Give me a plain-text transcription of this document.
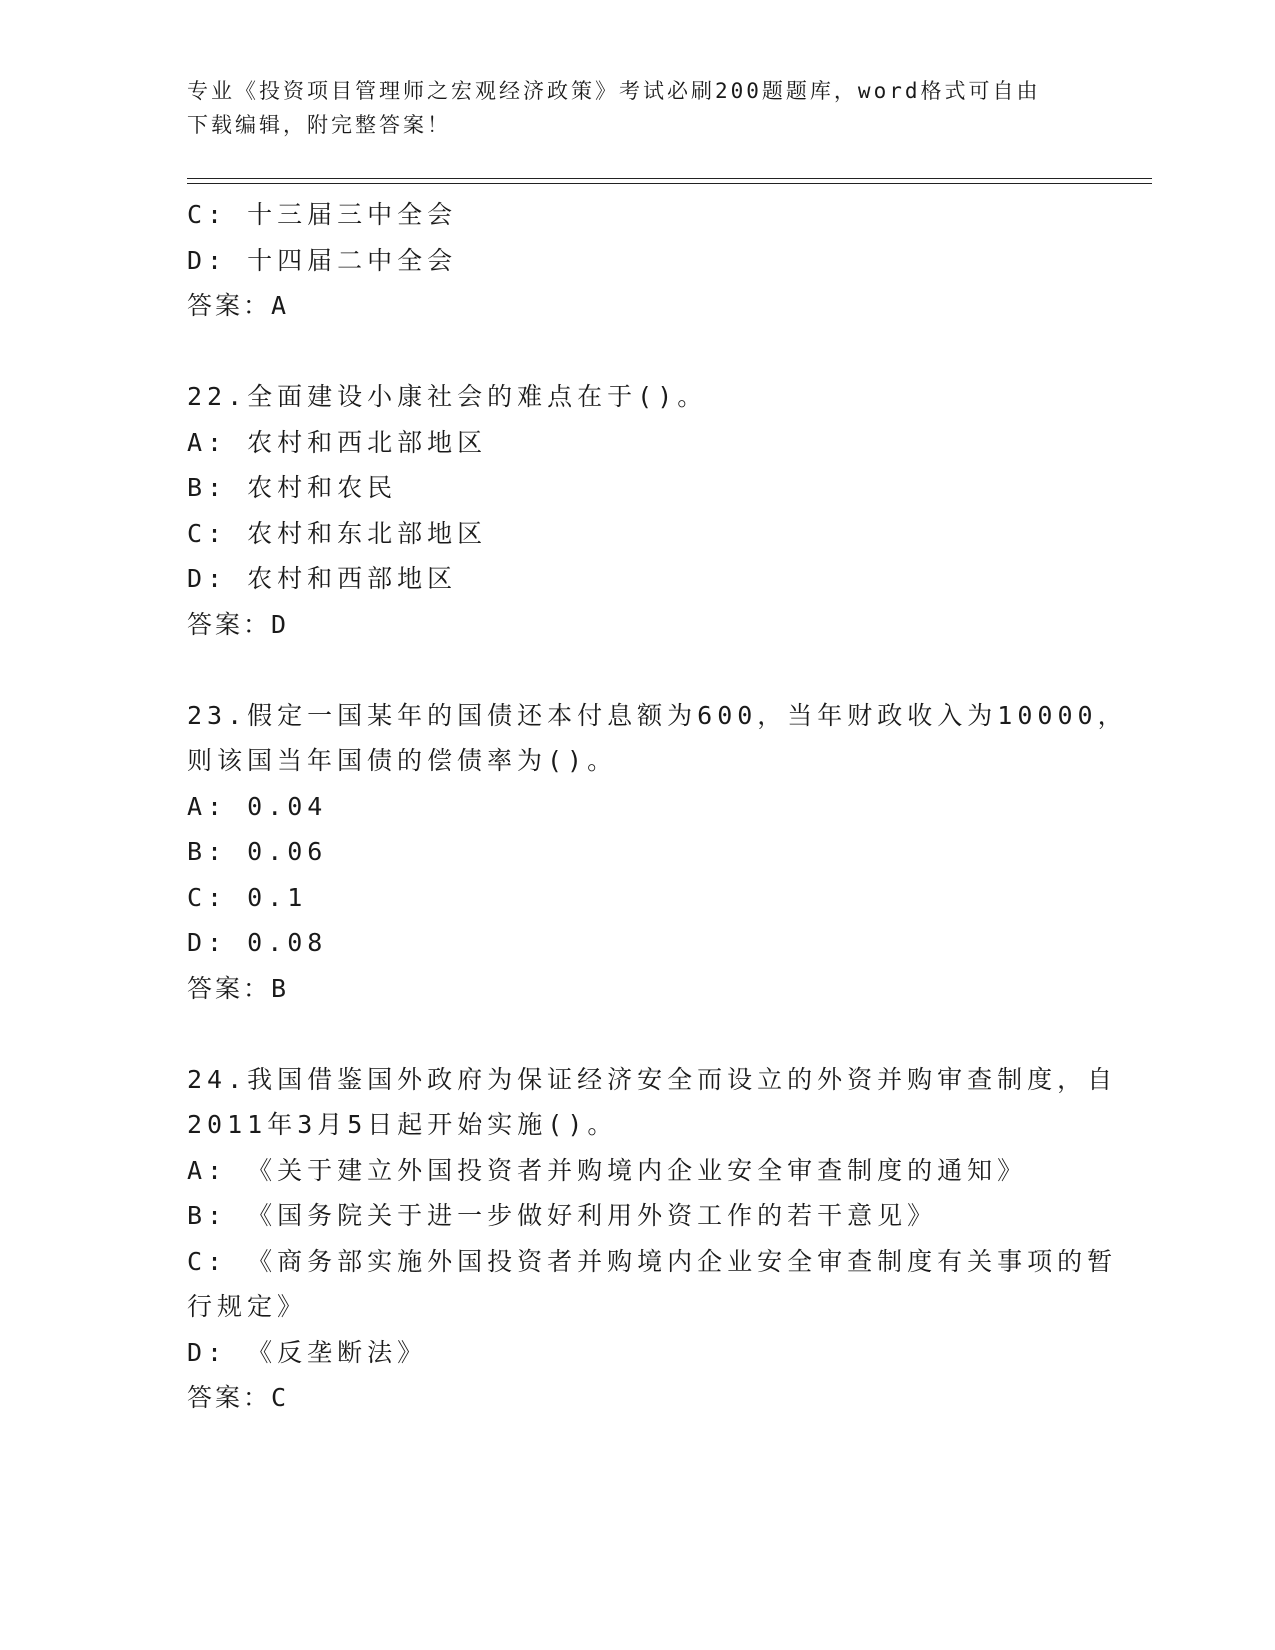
专业《投资项目管理师之宏观经济政策》考试必刷200题题库，word格式可自由
下载编辑，附完整答案！
C: 十三届三中全会
D: 十四届二中全会
答案：A
22.全面建设小康社会的难点在于()。
A: 农村和西北部地区
B: 农村和农民
C: 农村和东北部地区
D: 农村和西部地区
答案：D
23.假定一国某年的国债还本付息额为600，当年财政收入为10000，
则该国当年国债的偿债率为()。
A: 0.04
B: 0.06
C: 0.1
D: 0.08
答案：B
24.我国借鉴国外政府为保证经济安全而设立的外资并购审查制度，自
2011年3月5日起开始实施()。
A: 《关于建立外国投资者并购境内企业安全审查制度的通知》
B: 《国务院关于进一步做好利用外资工作的若干意见》
C: 《商务部实施外国投资者并购境内企业安全审查制度有关事项的暂
行规定》
D: 《反垄断法》
答案：C
